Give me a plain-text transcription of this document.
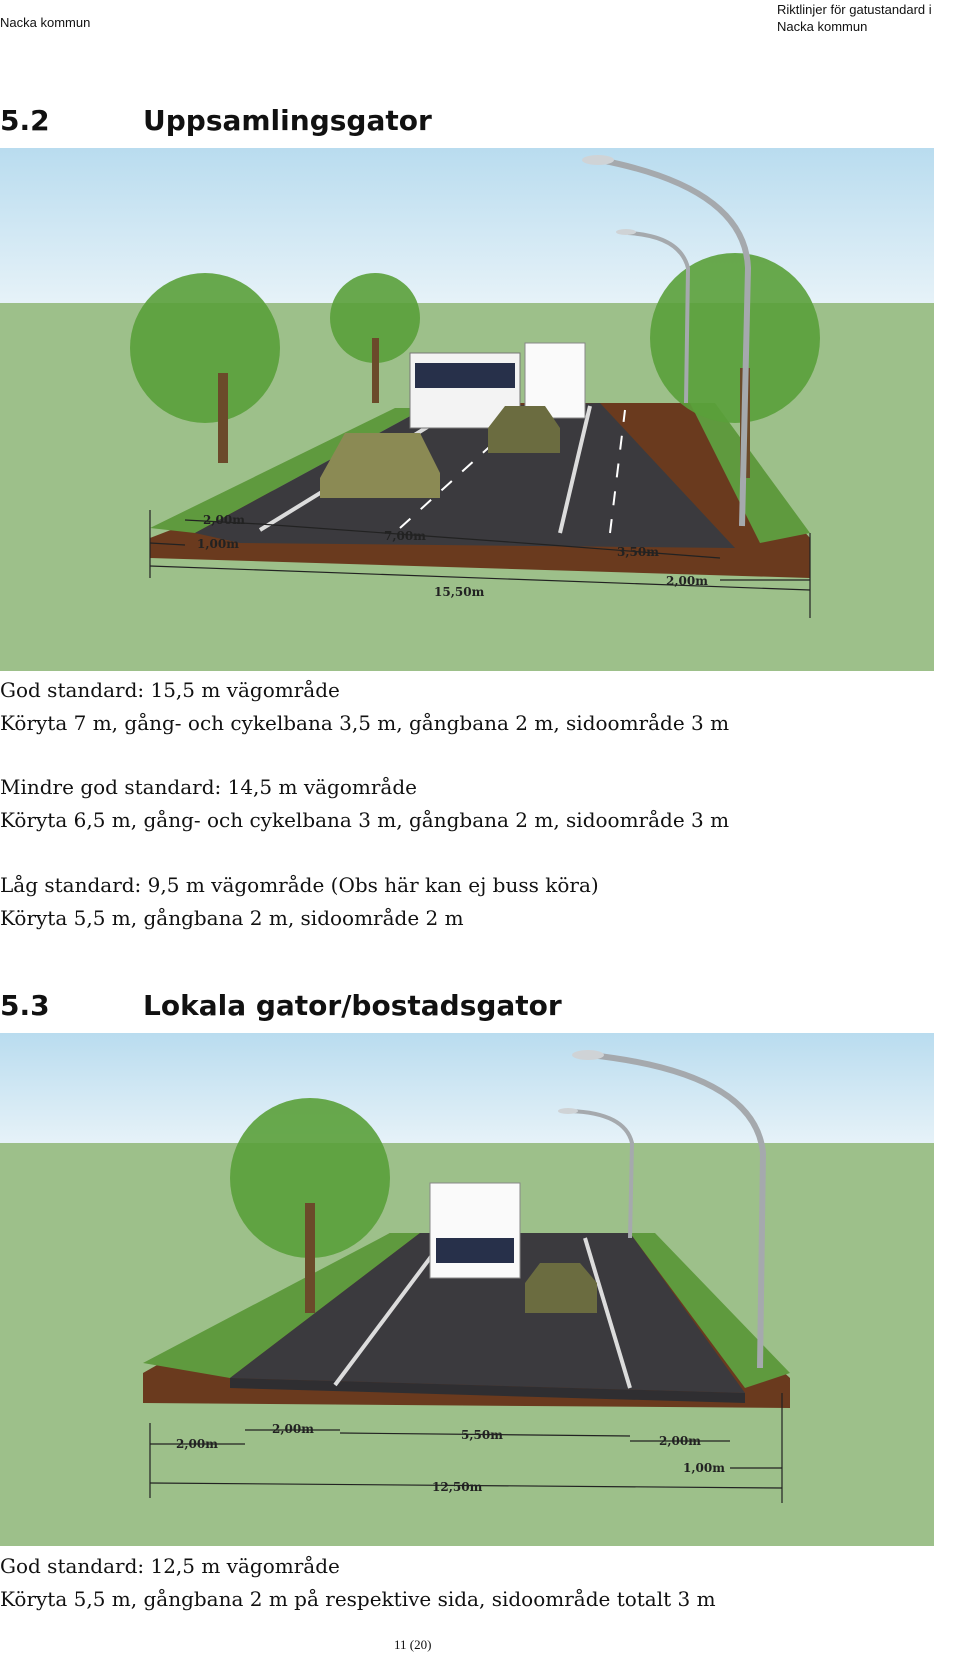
Nacka kommun
Riktlinjer för gatustandard i Nacka kommun
5.2	Uppsamlingsgator
2,00m
1,00m
7,00m
3,50m
2,00m
15,50m
God standard: 15,5 m vägområde
Köryta 7 m, gång- och cykelbana 3,5 m, gångbana 2 m, sidoområde 3 m
Mindre god standard: 14,5 m vägområde
Köryta 6,5 m, gång- och cykelbana 3 m, gångbana 2 m, sidoområde 3 m
Låg standard: 9,5 m vägområde (Obs här kan ej buss köra)
Köryta 5,5 m, gångbana 2 m, sidoområde 2 m
5.3	Lokala gator/bostadsgator
2,00m
2,00m	5,50m	2,00m
1,00m
12,50m
God standard: 12,5 m vägområde
Köryta 5,5 m, gångbana 2 m på respektive sida, sidoområde totalt 3 m
11 (20)
